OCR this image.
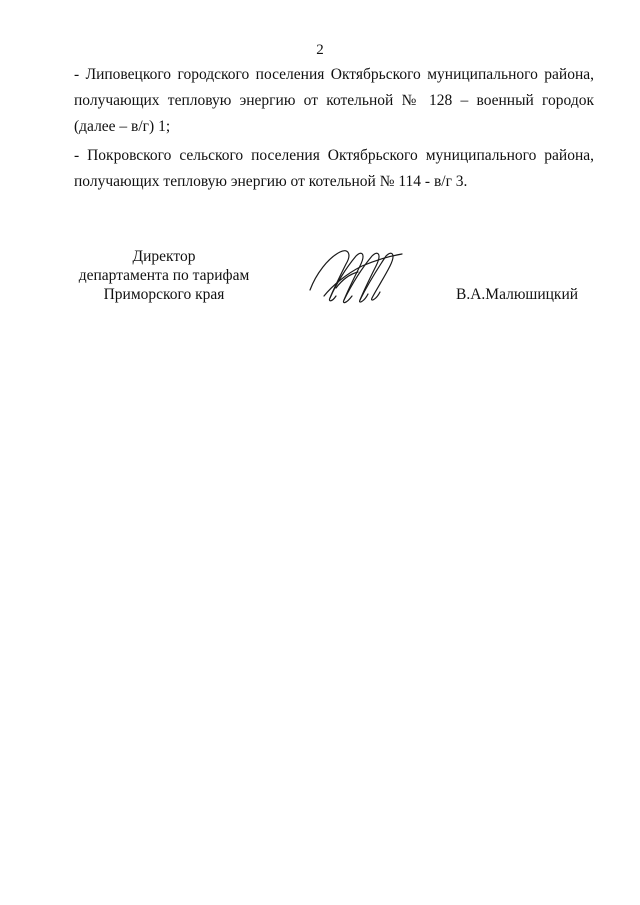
2
- Липовецкого городского поселения Октябрьского муниципального района,
получающих тепловую энергию от котельной № 128 – военный городок
(далее – в/г) 1;
- Покровского сельского поселения Октябрьского муниципального района,
получающих тепловую энергию от котельной № 114 - в/г 3.
Директор
департамента по тарифам
Приморского края	В.А.Малюшицкий
